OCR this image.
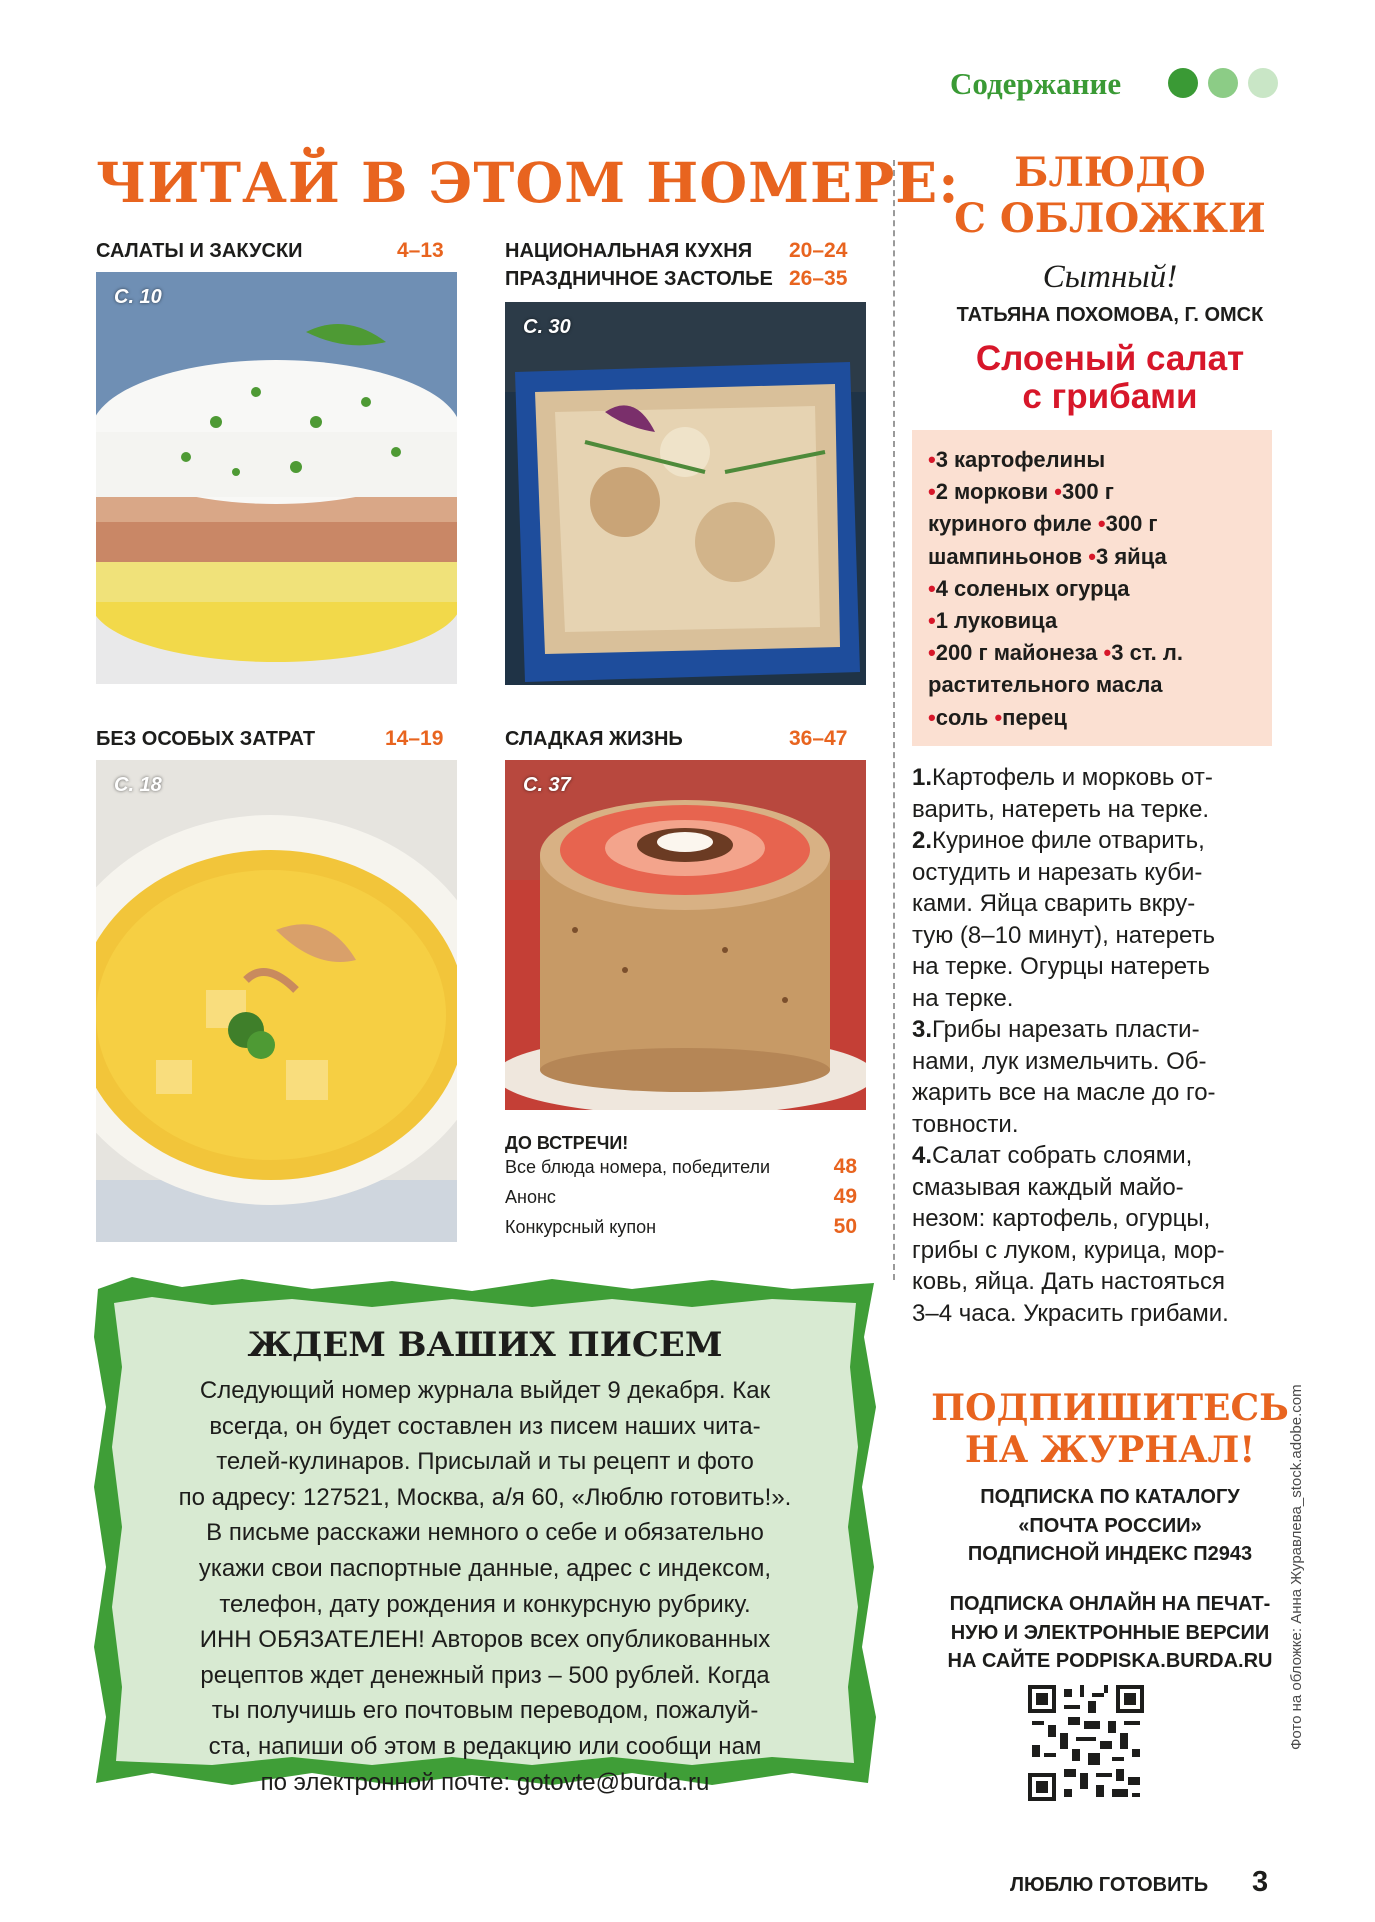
Содержание
ЧИТАЙ В ЭТОМ НОМЕРЕ:
САЛАТЫ И ЗАКУСКИ	4–13	НАЦИОНАЛЬНАЯ КУХНЯ 20–24
ПРАЗДНИЧНОЕ ЗАСТОЛЬЕ 26–35
БЕЗ ОСОБЫХ ЗАТРАТ	14–19	СЛАДКАЯ ЖИЗНЬ	36–47
С. 10
С. 30
С. 18	С. 37
ДО ВСТРЕЧИ!
Все блюда номера, победители	48
Анонс	49
Конкурсный купон	50
ЖДЕМ ВАШИХ ПИСЕМ
Следующий номер журнала выйдет 9 декабря. Как
всегда, он будет составлен из писем наших чита-
телей-кулинаров. Присылай и ты рецепт и фото
по адресу: 127521, Москва, а/я 60, «Люблю готовить!».
В письме расскажи немного о себе и обязательно
укажи свои паспортные данные, адрес с индексом,
телефон, дату рождения и конкурсную рубрику.
ИНН ОБЯЗАТЕЛЕН! Авторов всех опубликованных
рецептов ждет денежный приз – 500 рублей. Когда
ты получишь его почтовым переводом, пожалуй-
ста, напиши об этом в редакцию или сообщи нам
по электронной почте: gotovte@burda.ru
БЛЮДО
С ОБЛОЖКИ
Сытный!
ТАТЬЯНА ПОХОМОВА, Г. ОМСК
Слоеный салат
с грибами
•3 картофелины
•2 моркови •300 г
куриного филе •300 г
шампиньонов •3 яйца
•4 соленых огурца
•1 луковица
•200 г майонеза •3 ст. л.
растительного масла
•соль •перец
1.Картофель и морковь от-
варить, натереть на терке.
2.Куриное филе отварить,
остудить и нарезать куби-
ками. Яйца сварить вкру-
тую (8–10 минут), натереть
на терке. Огурцы натереть
на терке.
3.Грибы нарезать пласти-
нами, лук измельчить. Об-
жарить все на масле до го-
товности.
4.Салат собрать слоями,
смазывая каждый майо-
незом: картофель, огурцы,
грибы с луком, курица, мор-
ковь, яйца. Дать настояться
3–4 часа. Украсить грибами.
ПОДПИШИТЕСЬ
НА ЖУРНАЛ!
ПОДПИСКА ПО КАТАЛОГУ
«ПОЧТА РОССИИ»
ПОДПИСНОЙ ИНДЕКС П2943
ПОДПИСКА ОНЛАЙН НА ПЕЧАТ-
НУЮ И ЭЛЕКТРОННЫЕ ВЕРСИИ
НА САЙТЕ PODPISKA.BURDA.RU	Фото на обложке: Анна Журавлева_stock.adobe.com
ЛЮБЛЮ ГОТОВИТЬ 3
